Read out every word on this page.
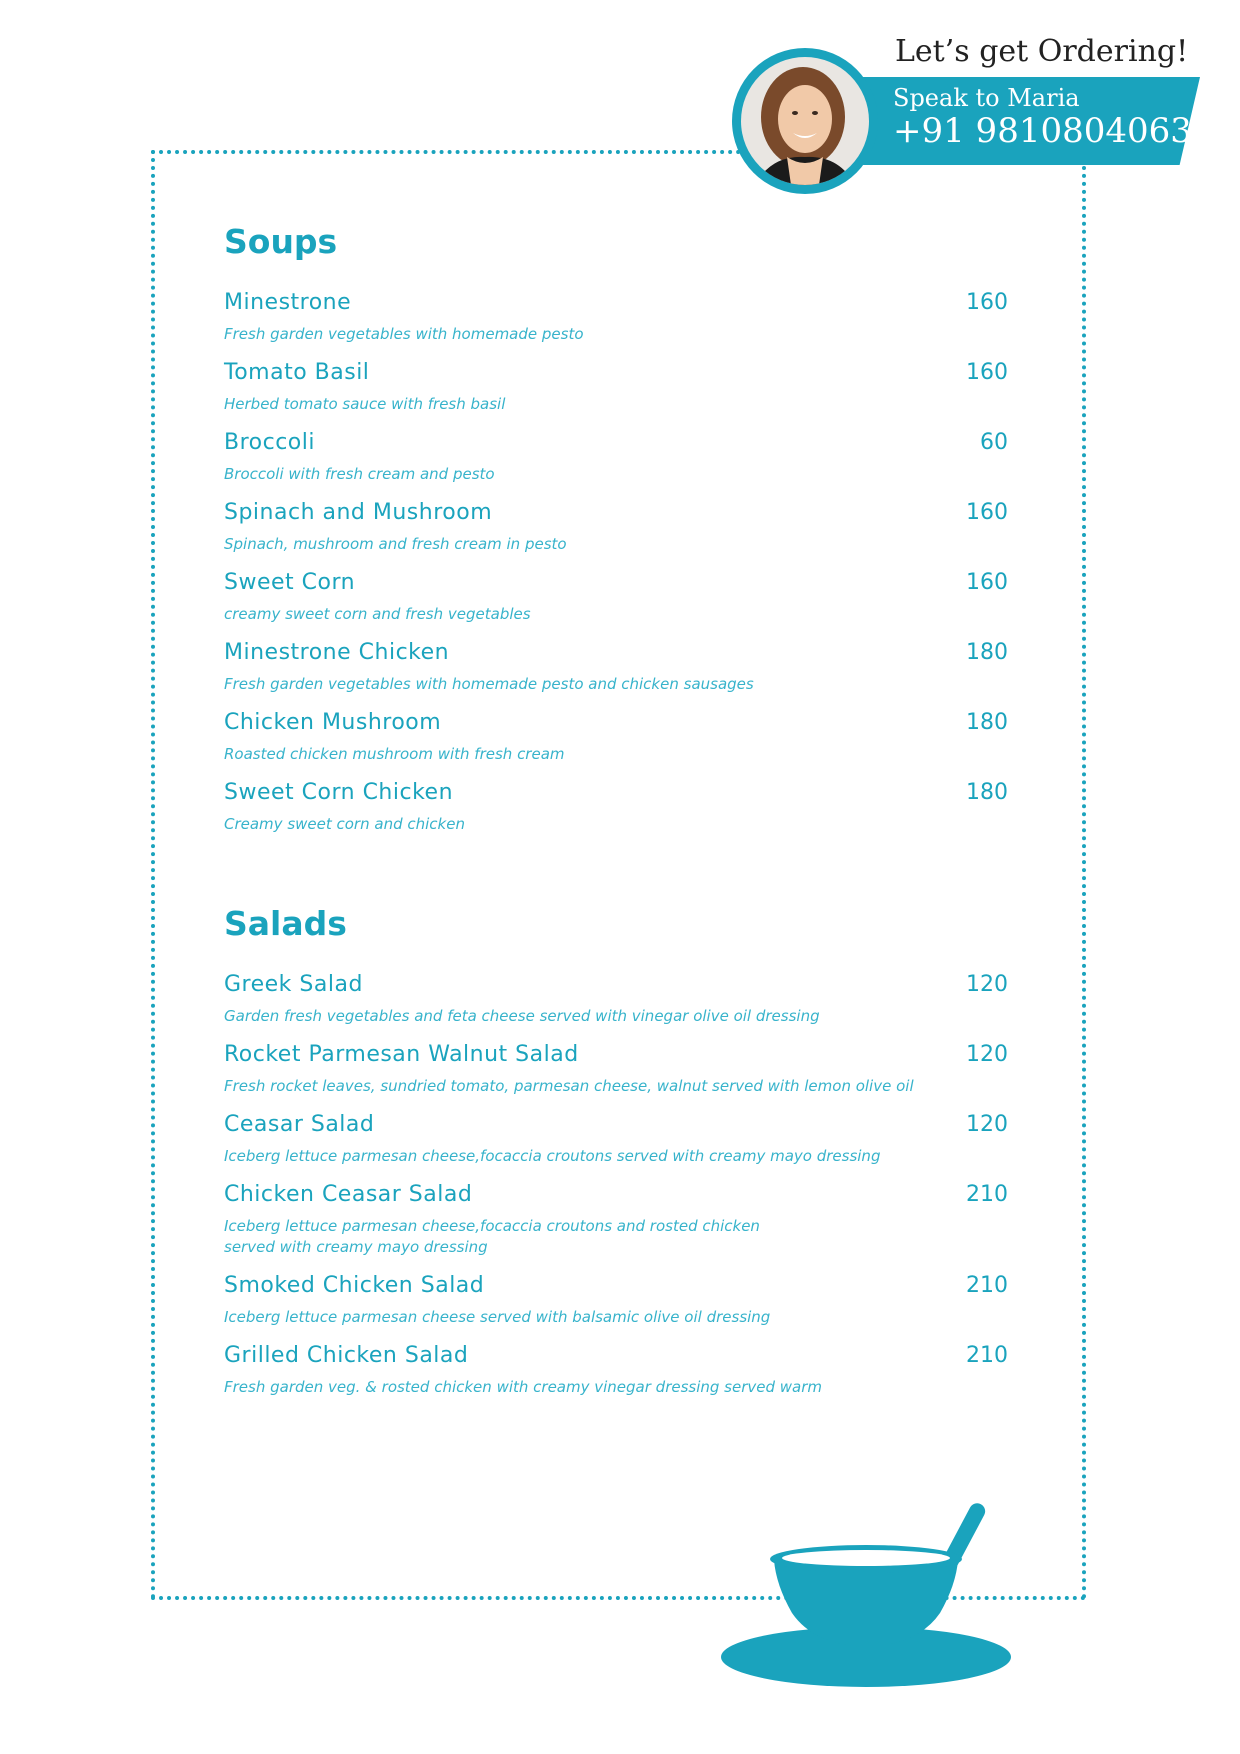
Let’s get Ordering!
Speak to Maria
+91 9810804063
Soups
Minestrone	160
Fresh garden vegetables with homemade pesto
Tomato Basil	160
Herbed tomato sauce with fresh basil
Broccoli	60
Broccoli with fresh cream and pesto
Spinach and Mushroom	160
Spinach, mushroom and fresh cream in pesto
Sweet Corn	160
creamy sweet corn and fresh vegetables
Minestrone Chicken	180
Fresh garden vegetables with homemade pesto and chicken sausages
Chicken Mushroom	180
Roasted chicken mushroom with fresh cream
Sweet Corn Chicken	180
Creamy sweet corn and chicken
Salads
Greek Salad	120
Garden fresh vegetables and feta cheese served with vinegar olive oil dressing
Rocket Parmesan Walnut Salad	120
Fresh rocket leaves, sundried tomato, parmesan cheese, walnut served with lemon olive oil
Ceasar Salad	120
Iceberg lettuce parmesan cheese,focaccia croutons served with creamy mayo dressing
Chicken Ceasar Salad	210
Iceberg lettuce parmesan cheese,focaccia croutons and rosted chicken served with creamy mayo dressing
Smoked Chicken Salad	210
Iceberg lettuce parmesan cheese served with balsamic olive oil dressing
Grilled Chicken Salad	210
Fresh garden veg. & rosted chicken with creamy vinegar dressing served warm
